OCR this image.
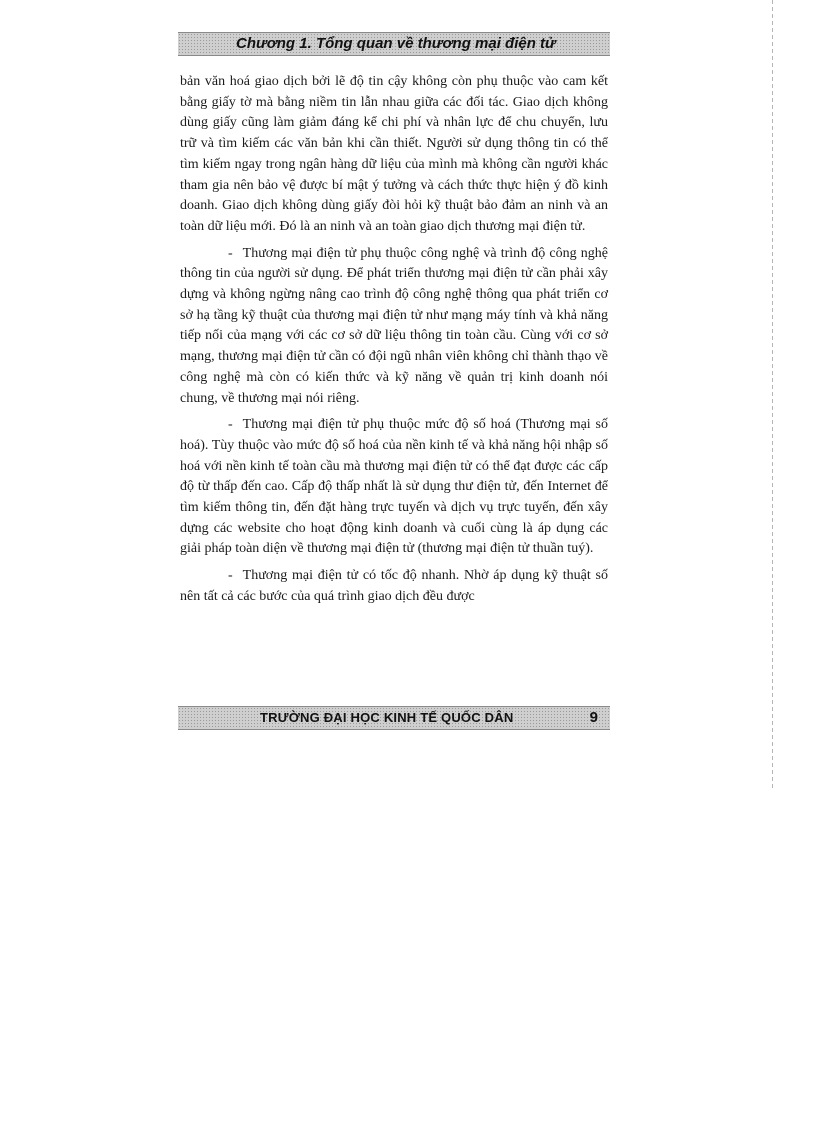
Chương 1. Tổng quan về thương mại điện tử

bản văn hoá giao dịch bởi lẽ độ tin cậy không còn phụ thuộc vào cam kết bằng giấy tờ mà bằng niềm tin lẫn nhau giữa các đối tác. Giao dịch không dùng giấy cũng làm giảm đáng kể chi phí và nhân lực để chu chuyển, lưu trữ và tìm kiếm các văn bản khi cần thiết. Người sử dụng thông tin có thể tìm kiếm ngay trong ngân hàng dữ liệu của mình mà không cần người khác tham gia nên bảo vệ được bí mật ý tưởng và cách thức thực hiện ý đồ kinh doanh. Giao dịch không dùng giấy đòi hỏi kỹ thuật bảo đảm an ninh và an toàn dữ liệu mới. Đó là an ninh và an toàn giao dịch thương mại điện tử.

- Thương mại điện tử phụ thuộc công nghệ và trình độ công nghệ thông tin của người sử dụng. Để phát triển thương mại điện tử cần phải xây dựng và không ngừng nâng cao trình độ công nghệ thông qua phát triển cơ sở hạ tầng kỹ thuật của thương mại điện tử như mạng máy tính và khả năng tiếp nối của mạng với các cơ sở dữ liệu thông tin toàn cầu. Cùng với cơ sở mạng, thương mại điện tử cần có đội ngũ nhân viên không chỉ thành thạo về công nghệ mà còn có kiến thức và kỹ năng về quản trị kinh doanh nói chung, về thương mại nói riêng.

- Thương mại điện tử phụ thuộc mức độ số hoá (Thương mại số hoá). Tùy thuộc vào mức độ số hoá của nền kinh tế và khả năng hội nhập số hoá với nền kinh tế toàn cầu mà thương mại điện tử có thể đạt được các cấp độ từ thấp đến cao. Cấp độ thấp nhất là sử dụng thư điện tử, đến Internet để tìm kiếm thông tin, đến đặt hàng trực tuyến và dịch vụ trực tuyến, đến xây dựng các website cho hoạt động kinh doanh và cuối cùng là áp dụng các giải pháp toàn diện về thương mại điện tử (thương mại điện tử thuần tuý).

- Thương mại điện tử có tốc độ nhanh. Nhờ áp dụng kỹ thuật số nên tất cả các bước của quá trình giao dịch đều được

TRƯỜNG ĐẠI HỌC KINH TẾ QUỐC DÂN	9
